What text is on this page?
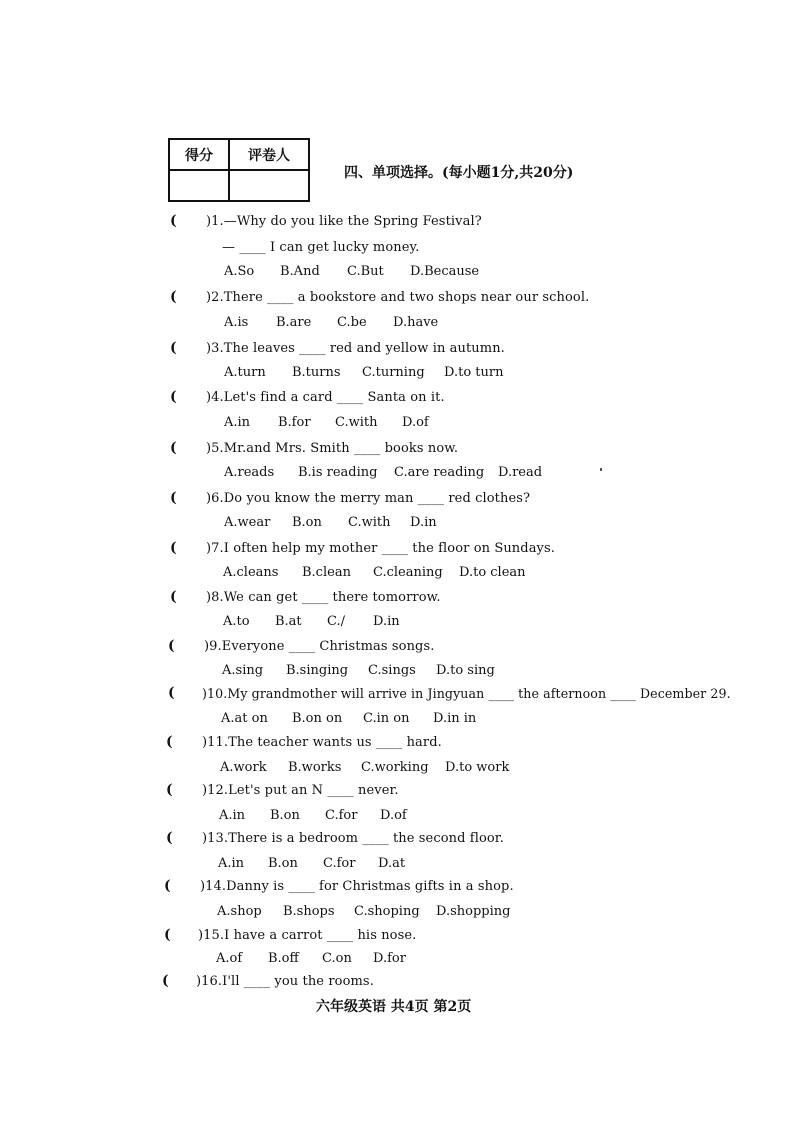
得分	评卷人

四、单项选择。(每小题1分,共20分)
( )1.—Why do you like the Spring Festival?
— ____ I can get lucky money.
A.So B.And C.But D.Because
( )2.There ____ a bookstore and two shops near our school.
A.is B.are C.be D.have
( )3.The leaves ____ red and yellow in autumn.
A.turn B.turns C.turning D.to turn
( )4.Let's find a card ____ Santa on it.
A.in B.for C.with D.of
( )5.Mr.and Mrs. Smith ____ books now.
A.reads B.is reading C.are reading D.read
( )6.Do you know the merry man ____ red clothes?
A.wear B.on C.with D.in
( )7.I often help my mother ____ the floor on Sundays.
A.cleans B.clean C.cleaning D.to clean
( )8.We can get ____ there tomorrow.
A.to B.at C./ D.in
( )9.Everyone ____ Christmas songs.
A.sing B.singing C.sings D.to sing
( )10.My grandmother will arrive in Jingyuan ____ the afternoon ____ December 29.
A.at on B.on on C.in on D.in in
( )11.The teacher wants us ____ hard.
A.work B.works C.working D.to work
( )12.Let's put an N ____ never.
A.in B.on C.for D.of
( )13.There is a bedroom ____ the second floor.
A.in B.on C.for D.at
( )14.Danny is ____ for Christmas gifts in a shop.
A.shop B.shops C.shoping D.shopping
( )15.I have a carrot ____ his nose.
A.of B.off C.on D.for
( )16.I'll ____ you the rooms.
六年级英语 共4页 第2页
